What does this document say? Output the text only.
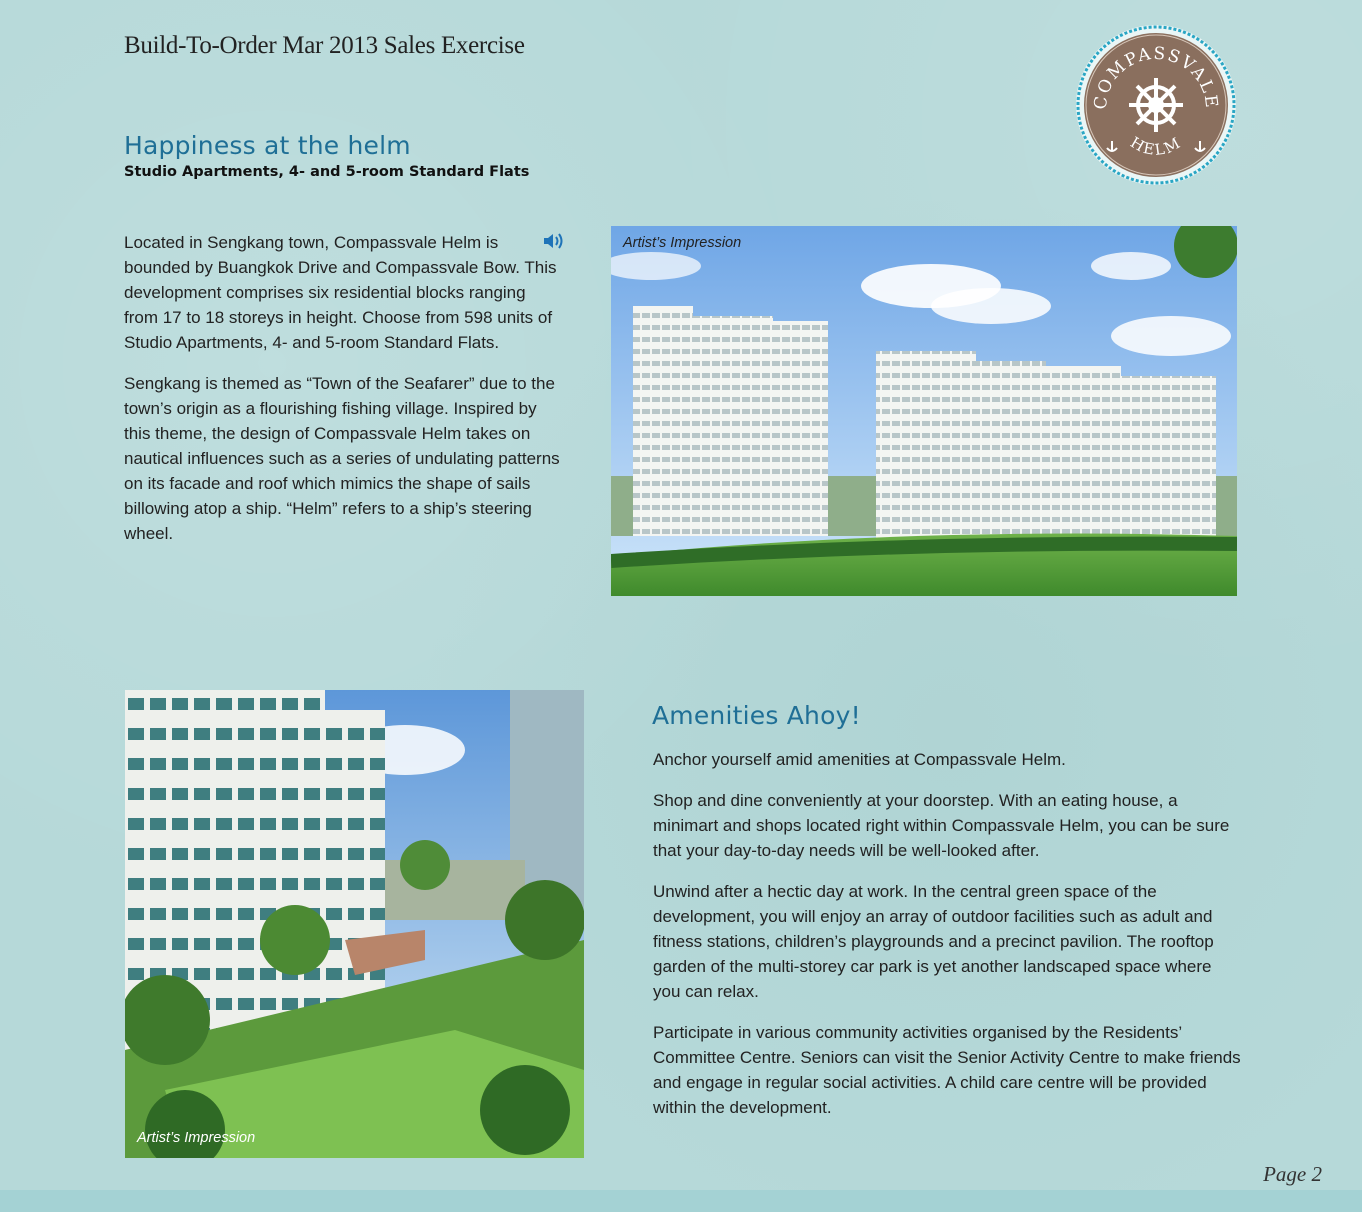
Build-To-Order Mar 2013 Sales Exercise
COMPASSVALE
HELM
Happiness at the helm
Studio Apartments, 4- and 5-room Standard Flats

Located in Sengkang town, Compassvale Helm is bounded by Buangkok Drive and Compassvale Bow. This development comprises six residential blocks ranging from 17 to 18 storeys in height. Choose from 598 units of Studio Apartments, 4- and 5-room Standard Flats.

Sengkang is themed as “Town of the Seafarer” due to the town’s origin as a flourishing fishing village. Inspired by this theme, the design of Compassvale Helm takes on nautical influences such as a series of undulating patterns on its facade and roof which mimics the shape of sails billowing atop a ship. “Helm” refers to a ship’s steering wheel.

Artist’s Impression
Artist’s Impression
Amenities Ahoy!

Anchor yourself amid amenities at Compassvale Helm.

Shop and dine conveniently at your doorstep. With an eating house, a minimart and shops located right within Compassvale Helm, you can be sure that your day-to-day needs will be well-looked after.

Unwind after a hectic day at work. In the central green space of the development, you will enjoy an array of outdoor facilities such as adult and fitness stations, children’s playgrounds and a precinct pavilion. The rooftop garden of the multi-storey car park is yet another landscaped space where you can relax.

Participate in various community activities organised by the Residents’ Committee Centre. Seniors can visit the Senior Activity Centre to make friends and engage in regular social activities. A child care centre will be provided within the development.

Page 2
